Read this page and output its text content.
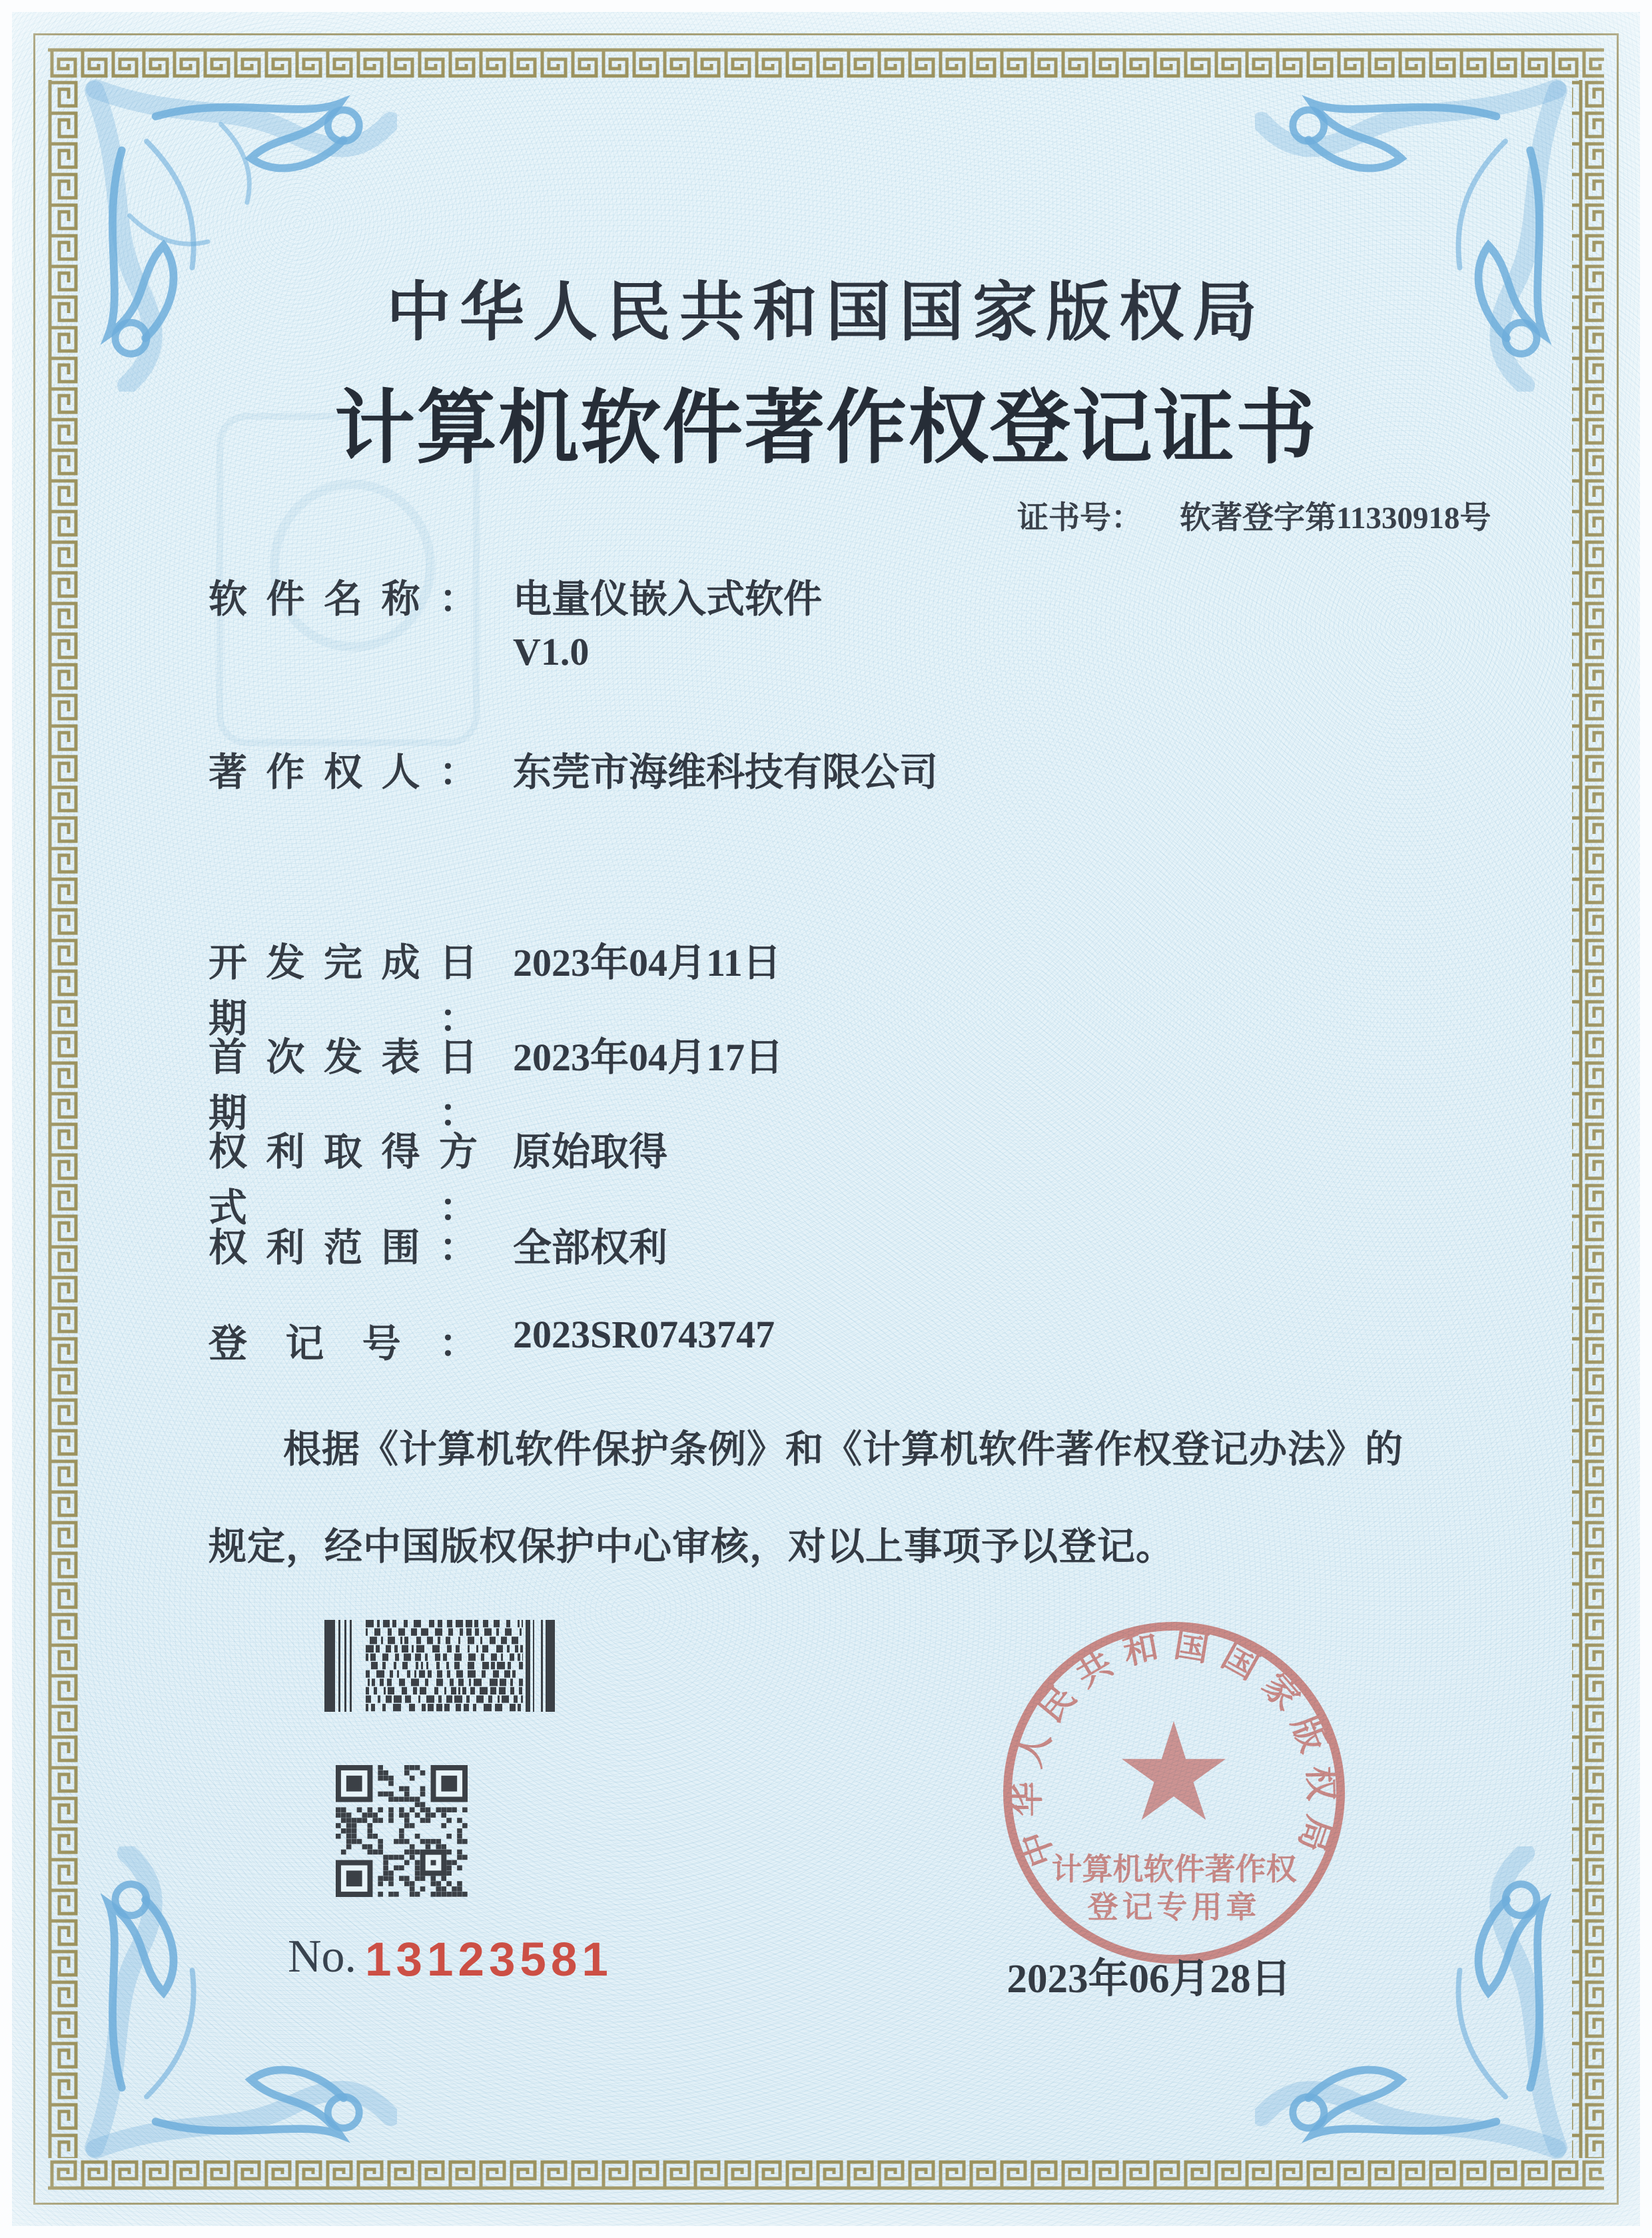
中华人民共和国国家版权局
计算机软件著作权登记证书
证书号： 软著登字第11330918号
软件名称： 电量仪嵌入式软件
V1.0
著作权人： 东莞市海维科技有限公司
开发完成日期：
2023年04月11日
首次发表日期：
2023年04月17日
权利取得方式：
原始取得
权利范围： 全部权利
登记号： 2023SR0743747
根据《计算机软件保护条例》和《计算机软件著作权登记办法》的
规定，经中国版权保护中心审核，对以上事项予以登记。
No. 13123581
中华人民共和国国家版权局
计算机软件著作权
登记专用章
2023年06月28日
